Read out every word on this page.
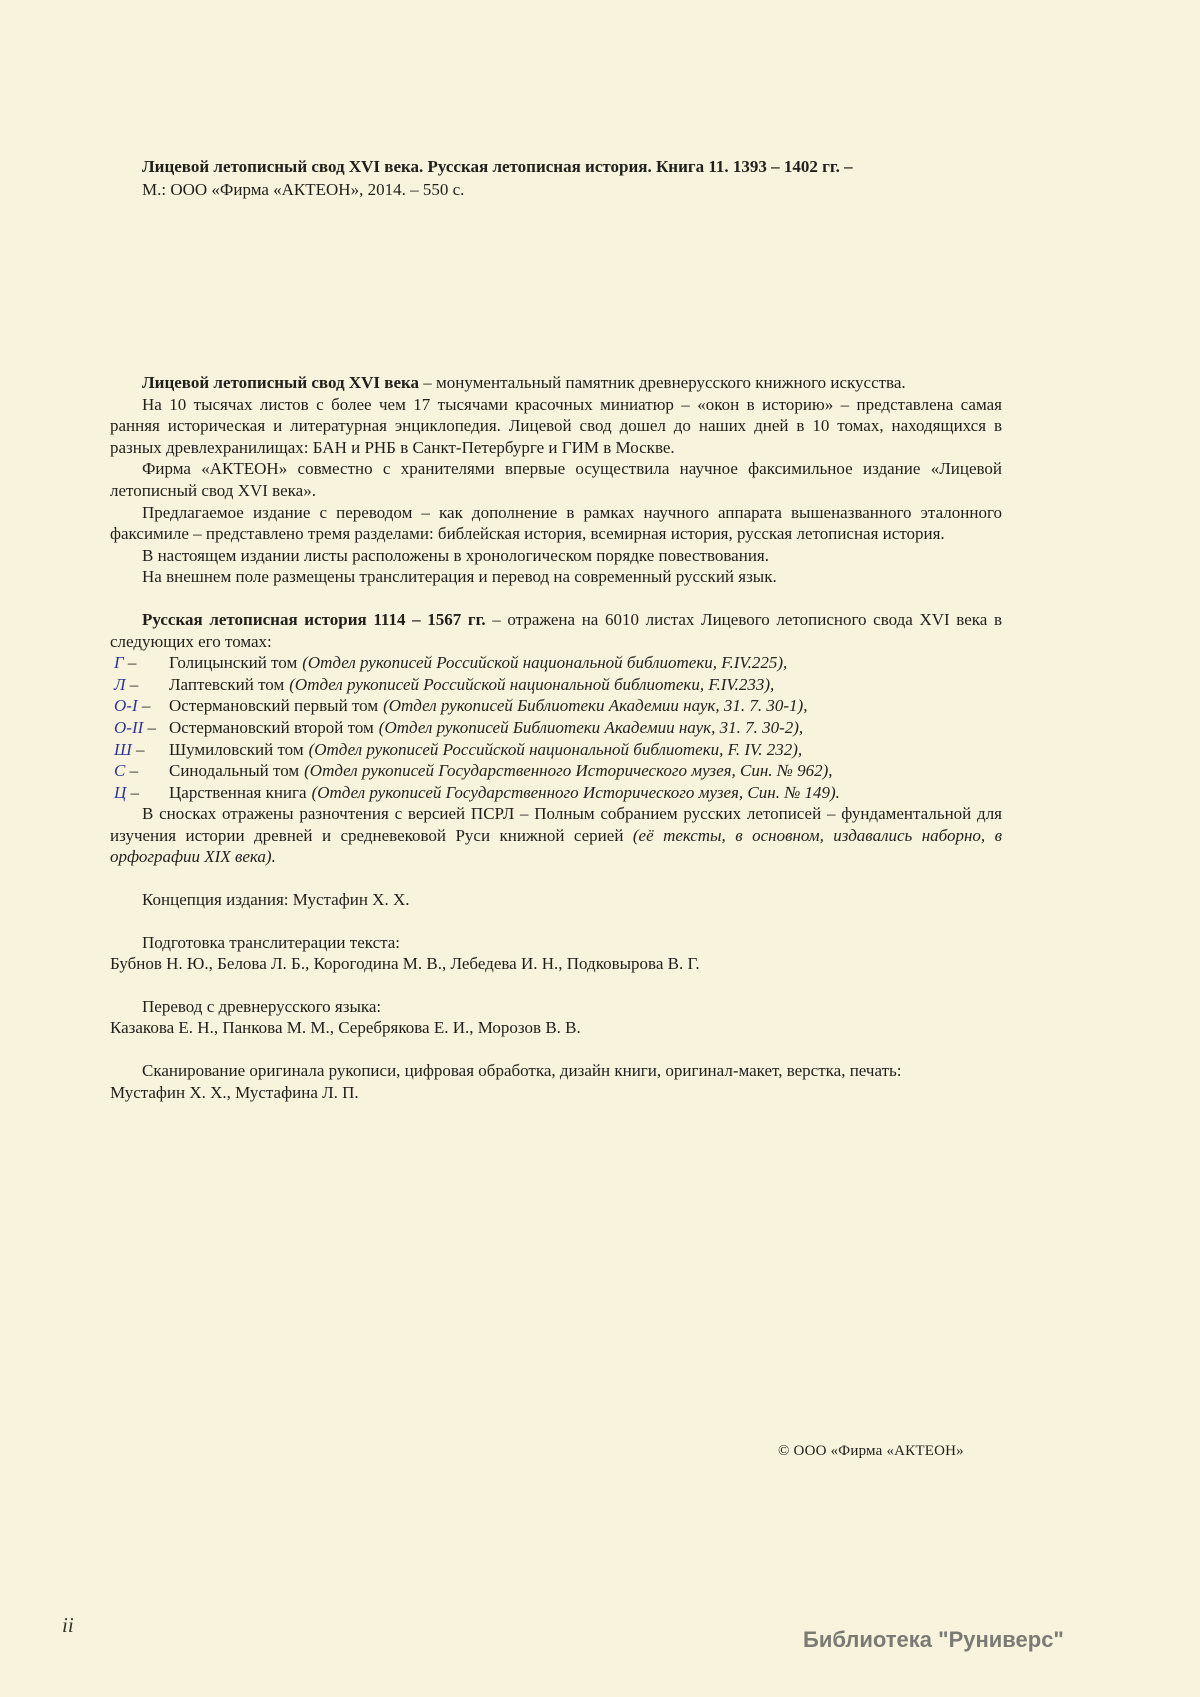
Лицевой летописный свод XVI века. Русская летописная история. Книга 11. 1393 – 1402 гг. –
М.: ООО «Фирма «АКТЕОН», 2014. – 550 с.

Лицевой летописный свод XVI века – монументальный памятник древнерусского книжного искусства.

На 10 тысячах листов с более чем 17 тысячами красочных миниатюр – «окон в историю» – представлена самая ранняя историческая и литературная энциклопедия. Лицевой свод дошел до наших дней в 10 томах, находящихся в разных древлехранилищах: БАН и РНБ в Санкт-Петербурге и ГИМ в Москве.

Фирма «АКТЕОН» совместно с хранителями впервые осуществила научное факсимильное издание «Лицевой летописный свод XVI века».

Предлагаемое издание с переводом – как дополнение в рамках научного аппарата вышеназванного эталонного факсимиле – представлено тремя разделами: библейская история, всемирная история, русская летописная история.

В настоящем издании листы расположены в хронологическом порядке повествования.

На внешнем поле размещены транслитерация и перевод на современный русский язык.

Русская летописная история 1114 – 1567 гг. – отражена на 6010 листах Лицевого летописного свода XVI века в следующих его томах:

Г – Голицынский том (Отдел рукописей Российской национальной библиотеки, F.IV.225),
Л – Лаптевский том (Отдел рукописей Российской национальной библиотеки, F.IV.233),
О-I – Остермановский первый том (Отдел рукописей Библиотеки Академии наук, 31. 7. 30-1),
О-II – Остермановский второй том (Отдел рукописей Библиотеки Академии наук, 31. 7. 30-2),
Ш – Шумиловский том (Отдел рукописей Российской национальной библиотеки, F. IV. 232),
С – Синодальный том (Отдел рукописей Государственного Исторического музея, Син. № 962),
Ц – Царственная книга (Отдел рукописей Государственного Исторического музея, Син. № 149).

В сносках отражены разночтения с версией ПСРЛ – Полным собранием русских летописей – фундаментальной для изучения истории древней и средневековой Руси книжной серией (её тексты, в основном, издавались наборно, в орфографии XIX века).

Концепция издания: Мустафин Х. Х.

Подготовка транслитерации текста:

Бубнов Н. Ю., Белова Л. Б., Корогодина М. В., Лебедева И. Н., Подковырова В. Г.

Перевод с древнерусского языка:

Казакова Е. Н., Панкова М. М., Серебрякова Е. И., Морозов В. В.

Сканирование оригинала рукописи, цифровая обработка, дизайн книги, оригинал-макет, верстка, печать:

Мустафин Х. Х., Мустафина Л. П.

© ООО «Фирма «АКТЕОН»
ii
Библиотека "Руниверс"
